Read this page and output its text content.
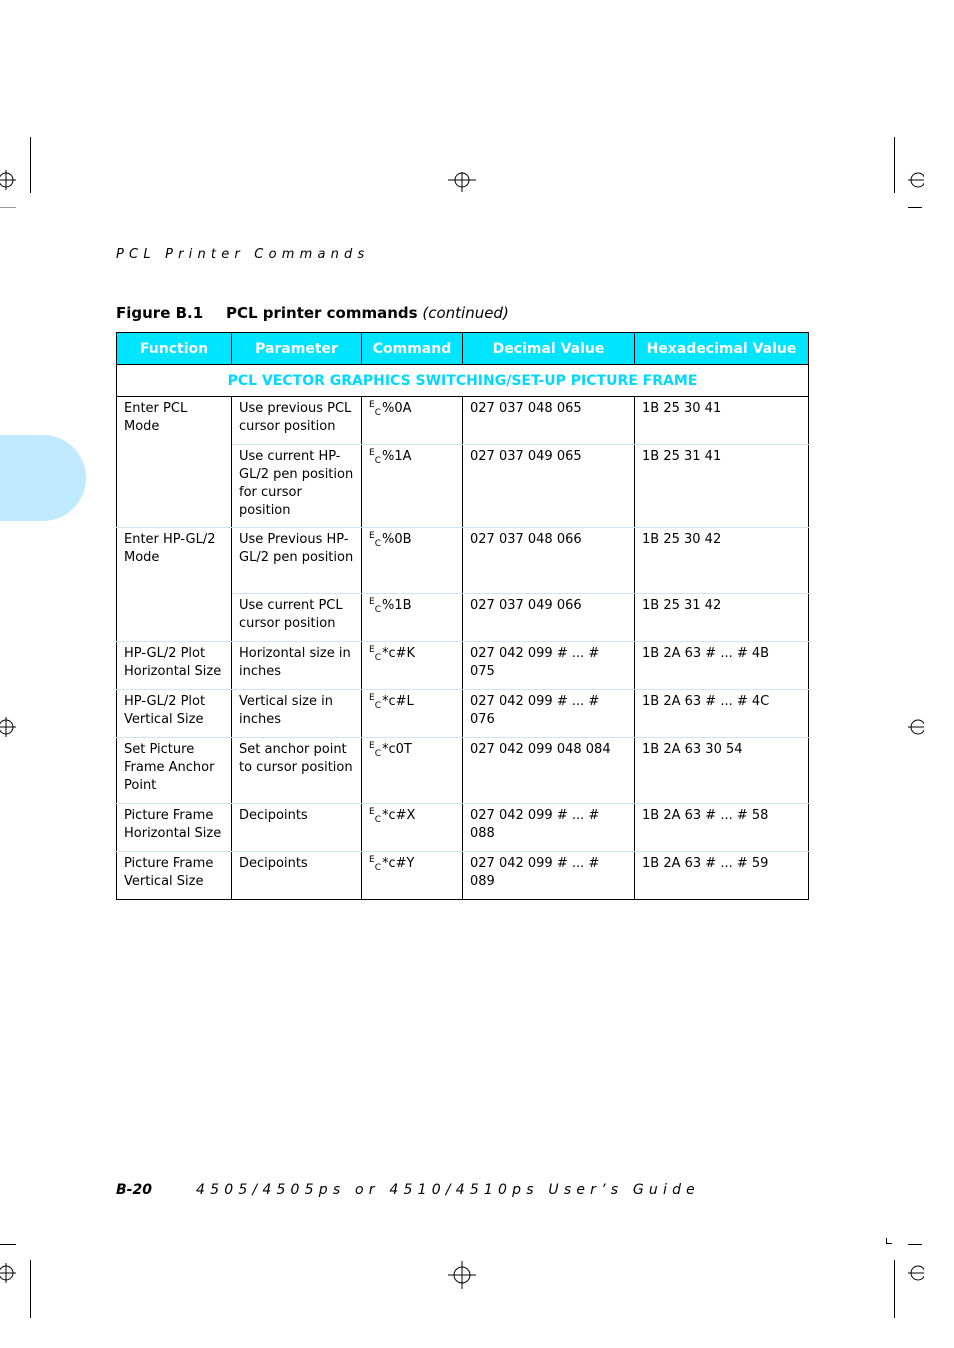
PCL Printer Commands
Figure B.1 PCL printer commands (continued)
Function	Parameter	Command	Decimal Value	Hexadecimal Value
PCL VECTOR GRAPHICS SWITCHING/SET-UP PICTURE FRAME				
Enter PCL Mode	Use previous PCL cursor position	EC%0A	027 037 048 065	1B 25 30 41
	Use current HP-GL/2 pen position for cursor position	EC%1A	027 037 049 065	1B 25 31 41
Enter HP-GL/2 Mode	Use Previous HP-GL/2 pen position	EC%0B	027 037 048 066	1B 25 30 42
	Use current PCL cursor position	EC%1B	027 037 049 066	1B 25 31 42
HP-GL/2 Plot Horizontal Size	Horizontal size in inches	EC*c#K	027 042 099 # ... # 075	1B 2A 63 # ... # 4B
HP-GL/2 Plot Vertical Size	Vertical size in inches	EC*c#L	027 042 099 # ... # 076	1B 2A 63 # ... # 4C
Set Picture Frame Anchor Point	Set anchor point to cursor position	EC*c0T	027 042 099 048 084	1B 2A 63 30 54
Picture Frame Horizontal Size	Decipoints	EC*c#X	027 042 099 # ... # 088	1B 2A 63 # ... # 58
Picture Frame Vertical Size	Decipoints	EC*c#Y	027 042 099 # ... # 089	1B 2A 63 # ... # 59
B-20	4505/4505ps or 4510/4510ps User’s Guide
